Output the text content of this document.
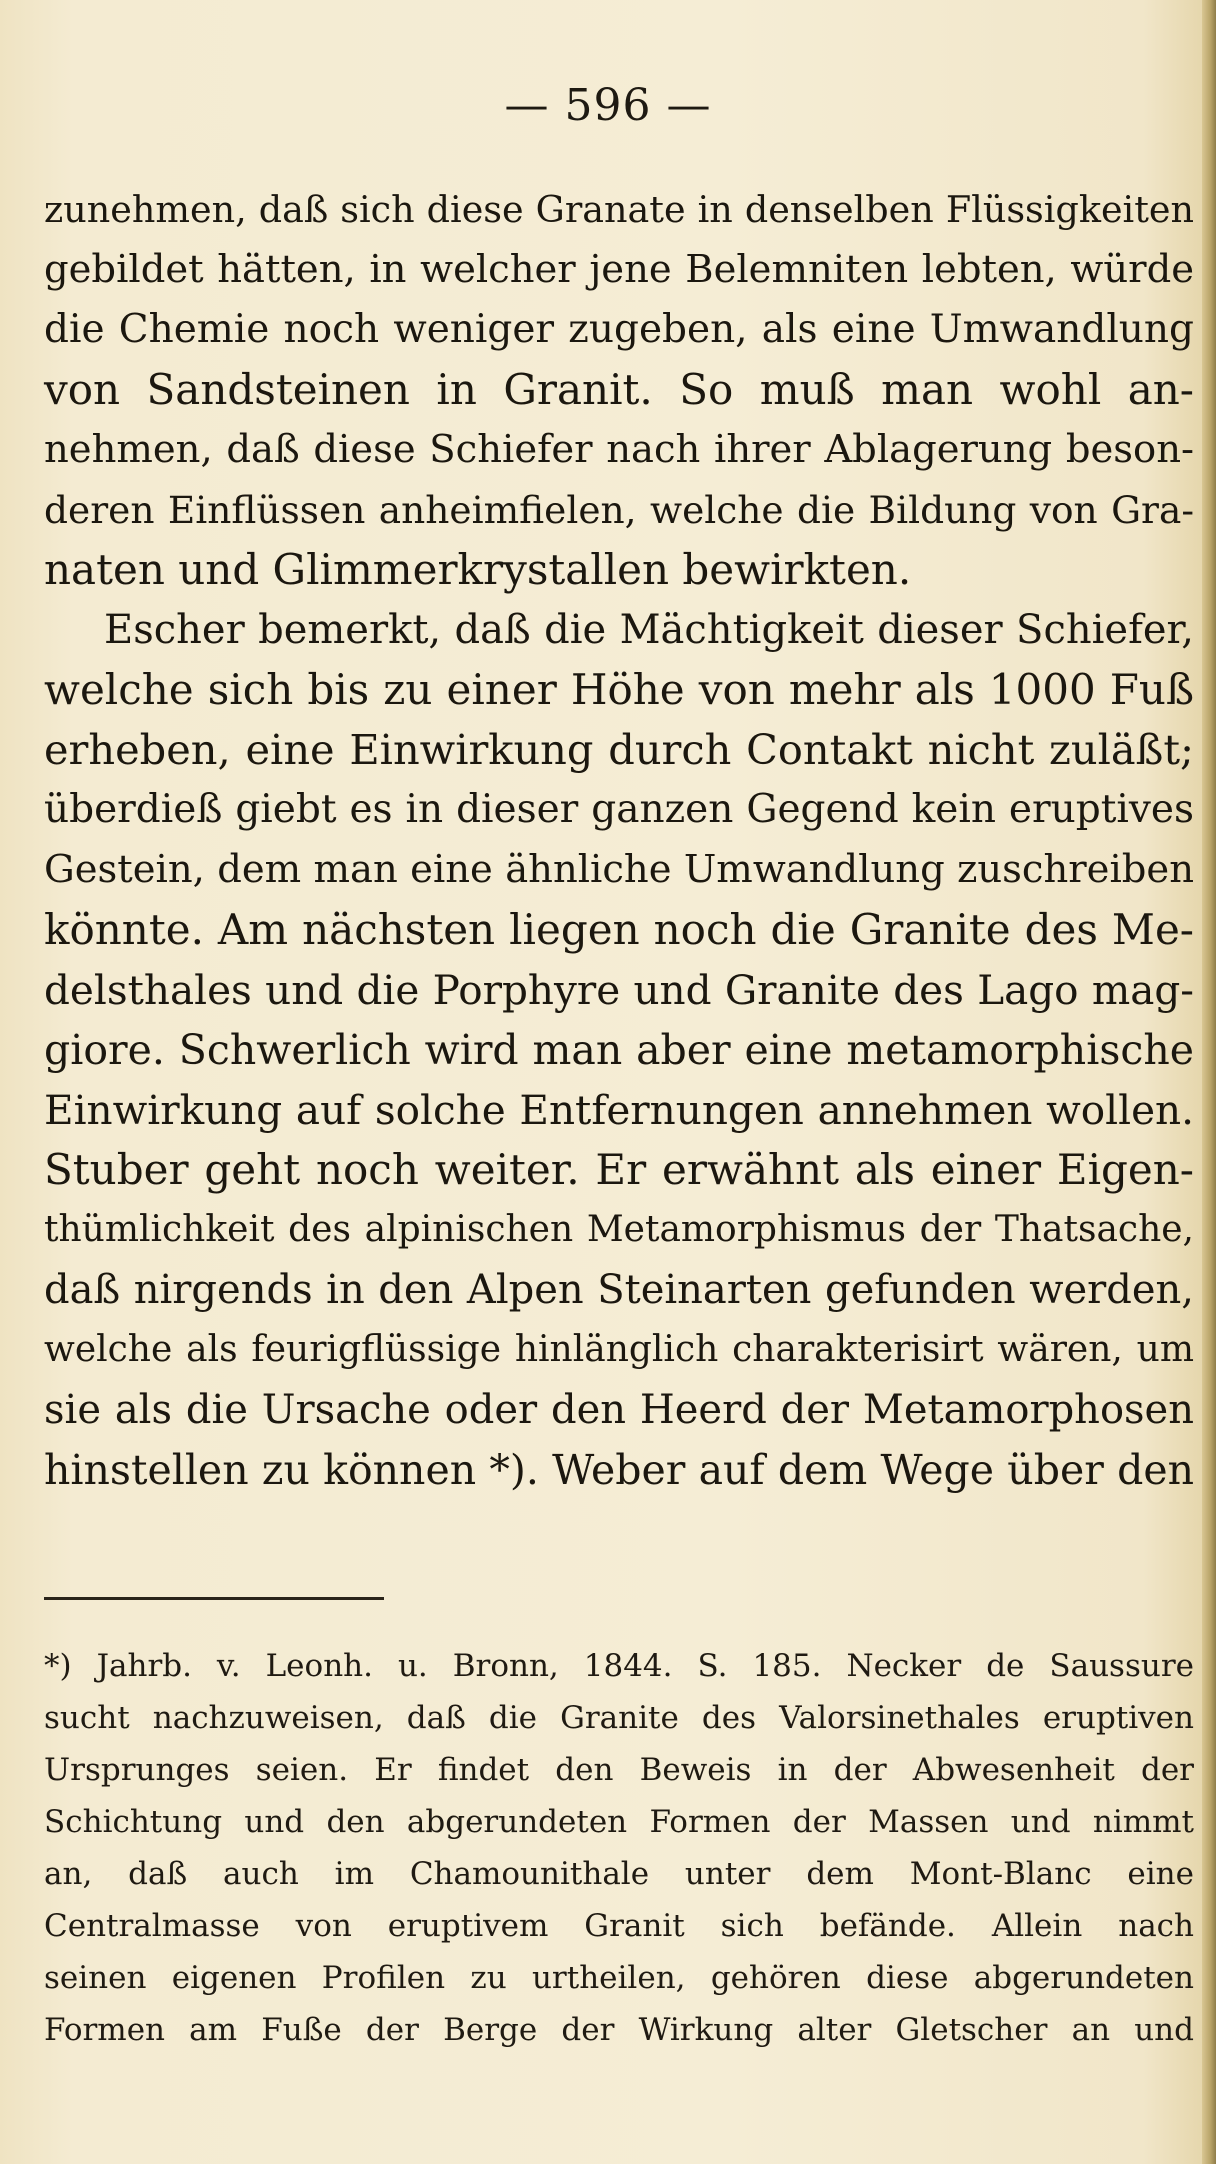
— 596 —
zunehmen, daß sich diese Granate in denselben Flüssigkeiten
gebildet hätten, in welcher jene Belemniten lebten, würde
die Chemie noch weniger zugeben, als eine Umwandlung
von Sandsteinen in Granit. So muß man wohl an-
nehmen, daß diese Schiefer nach ihrer Ablagerung beson-
deren Einflüssen anheimfielen, welche die Bildung von Gra-
naten und Glimmerkrystallen bewirkten.
Escher bemerkt, daß die Mächtigkeit dieser Schiefer,
welche sich bis zu einer Höhe von mehr als 1000 Fuß
erheben, eine Einwirkung durch Contakt nicht zuläßt;
überdieß giebt es in dieser ganzen Gegend kein eruptives
Gestein, dem man eine ähnliche Umwandlung zuschreiben
könnte. Am nächsten liegen noch die Granite des Me-
delsthales und die Porphyre und Granite des Lago mag-
giore. Schwerlich wird man aber eine metamorphische
Einwirkung auf solche Entfernungen annehmen wollen.
Stuber geht noch weiter. Er erwähnt als einer Eigen-
thümlichkeit des alpinischen Metamorphismus der Thatsache,
daß nirgends in den Alpen Steinarten gefunden werden,
welche als feurigflüssige hinlänglich charakterisirt wären, um
sie als die Ursache oder den Heerd der Metamorphosen
hinstellen zu können *). Weber auf dem Wege über den
*) Jahrb. v. Leonh. u. Bronn, 1844. S. 185. Necker de Saussure
sucht nachzuweisen, daß die Granite des Valorsinethales eruptiven
Ursprunges seien. Er findet den Beweis in der Abwesenheit der
Schichtung und den abgerundeten Formen der Massen und nimmt
an, daß auch im Chamounithale unter dem Mont-Blanc eine
Centralmasse von eruptivem Granit sich befände. Allein nach
seinen eigenen Profilen zu urtheilen, gehören diese abgerundeten
Formen am Fuße der Berge der Wirkung alter Gletscher an und
